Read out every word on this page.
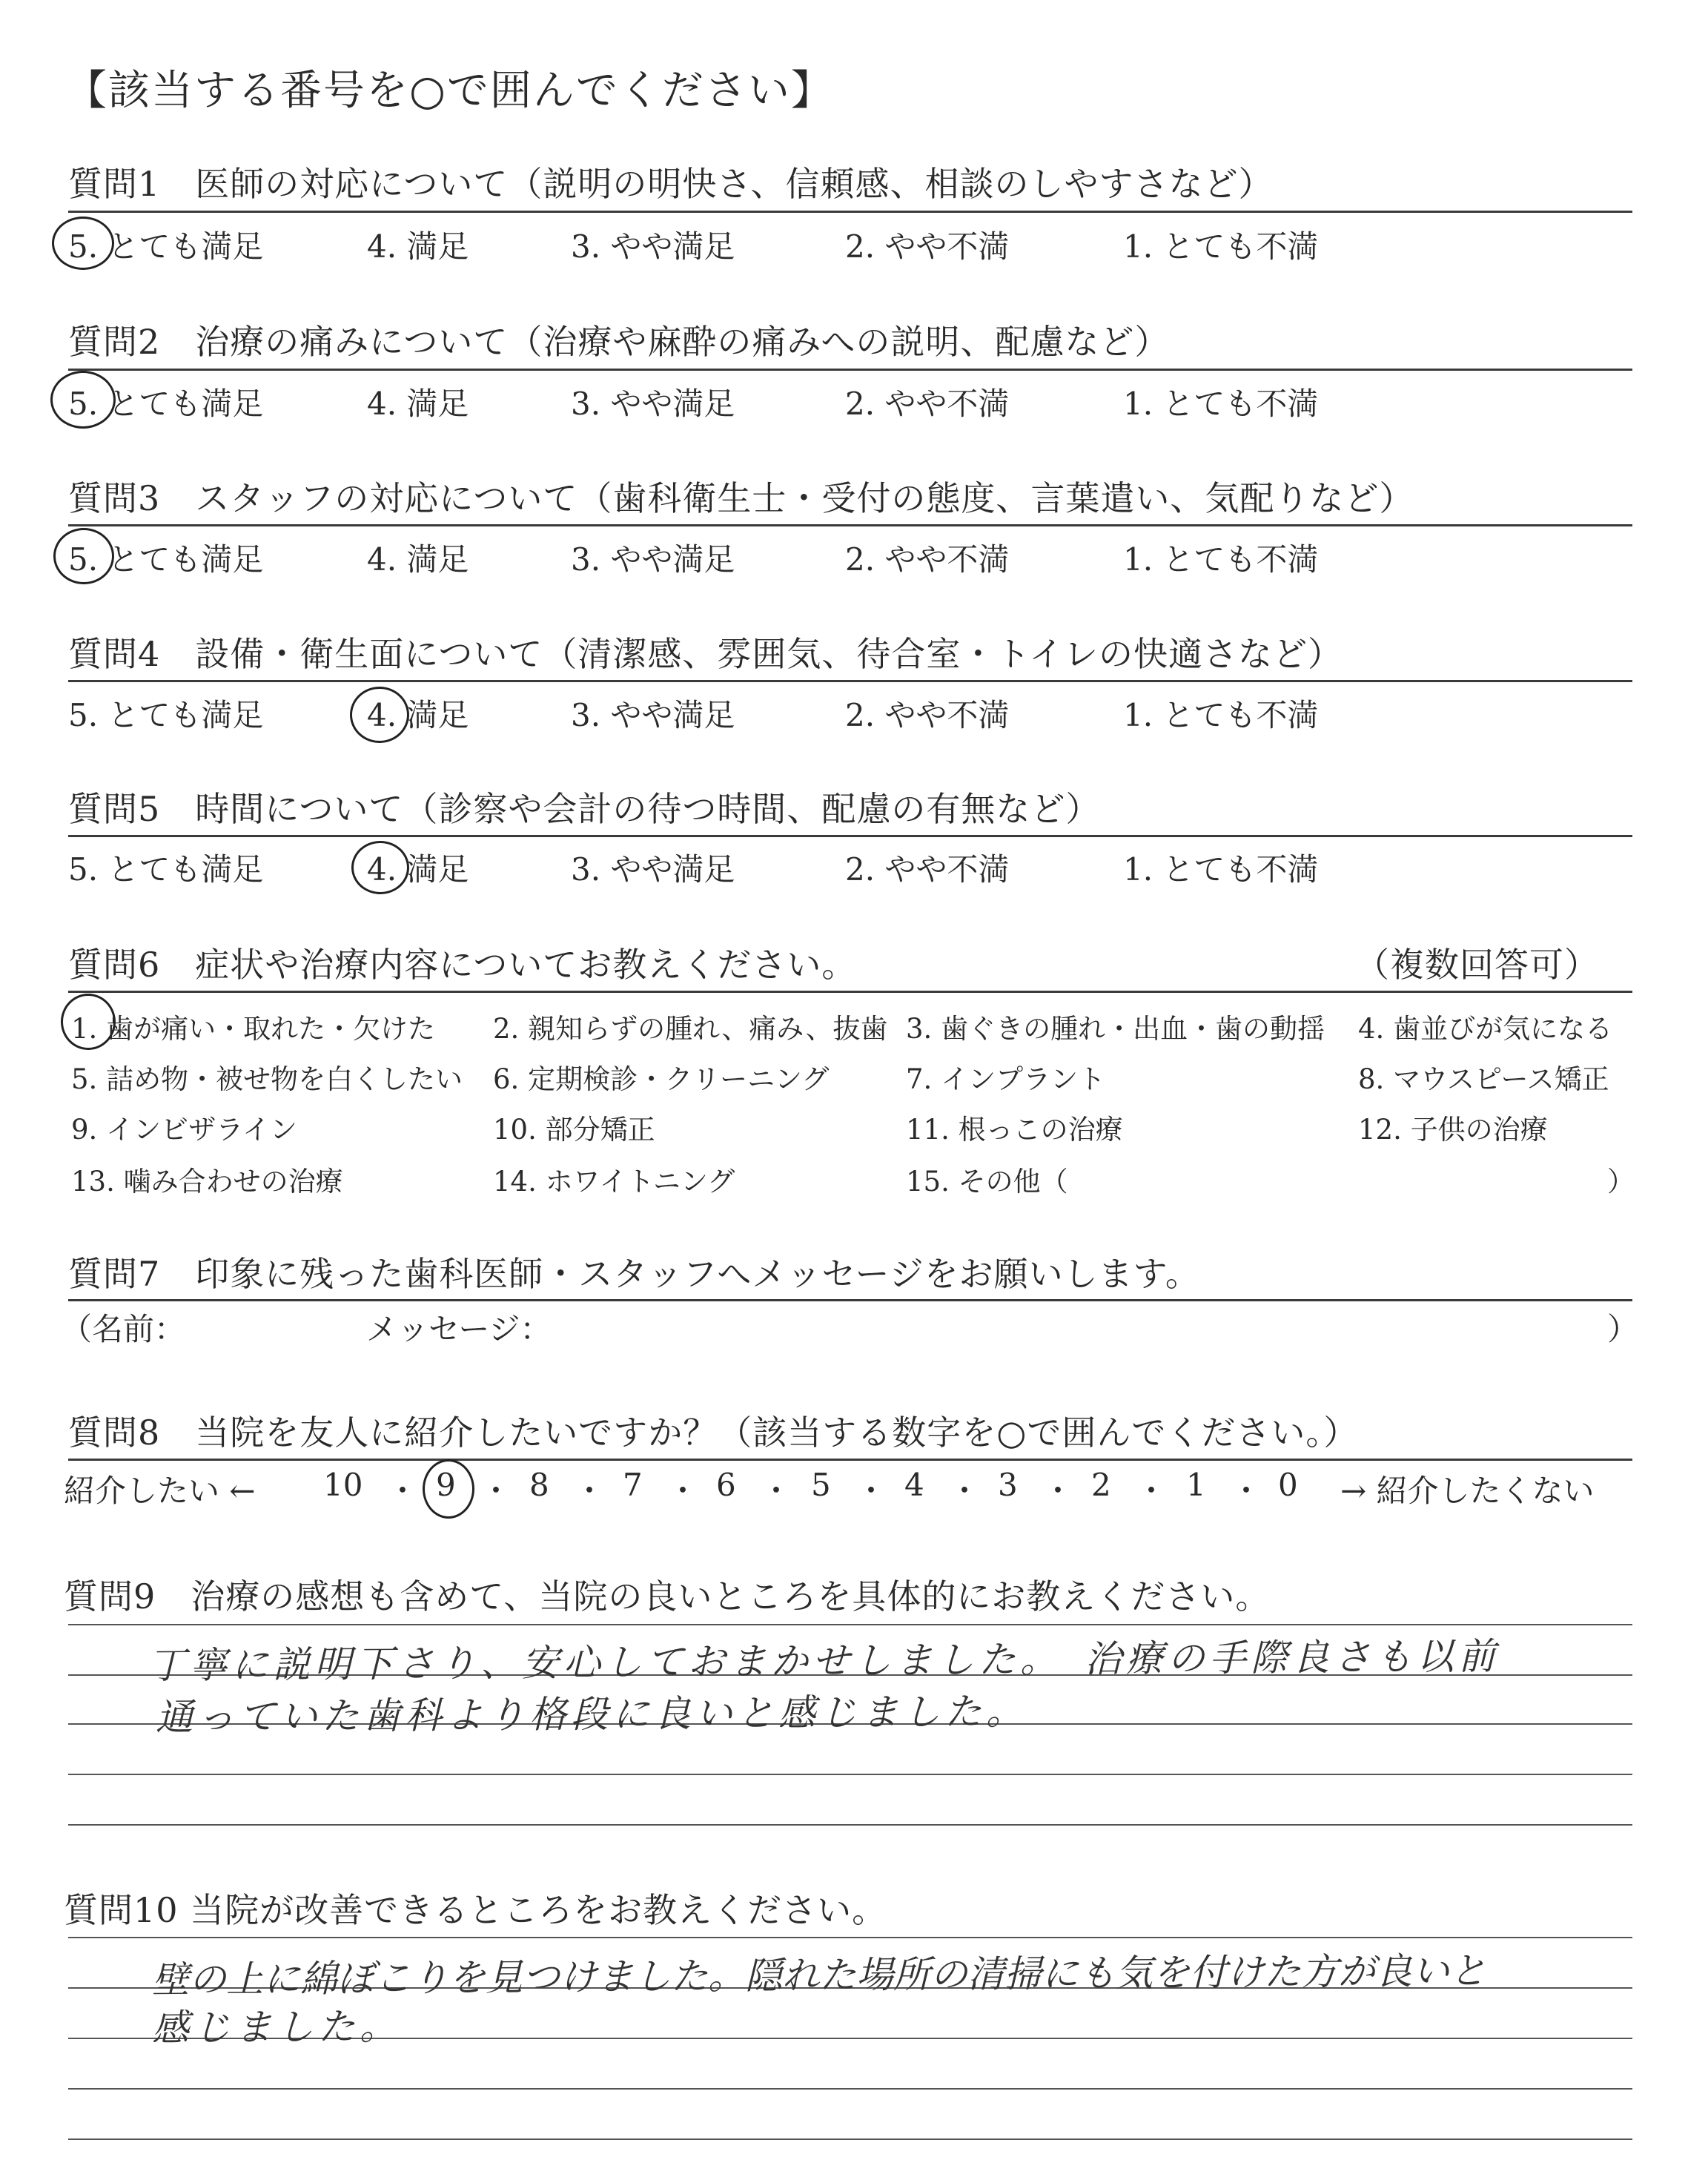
【該当する番号を○で囲んでください】
質問1　医師の対応について（説明の明快さ、信頼感、相談のしやすさなど）
5. とても満足	4. 満足	3. やや満足	2. やや不満	1. とても不満
質問2　治療の痛みについて（治療や麻酔の痛みへの説明、配慮など）
5. とても満足	4. 満足	3. やや満足	2. やや不満	1. とても不満
質問3　スタッフの対応について（歯科衛生士・受付の態度、言葉遣い、気配りなど）
5. とても満足	4. 満足	3. やや満足	2. やや不満	1. とても不満
質問4　設備・衛生面について（清潔感、雰囲気、待合室・トイレの快適さなど）
5. とても満足	4. 満足	3. やや満足	2. やや不満	1. とても不満
質問5　時間について（診察や会計の待つ時間、配慮の有無など）
5. とても満足	4. 満足	3. やや満足	2. やや不満	1. とても不満
質問6　症状や治療内容についてお教えください。	（複数回答可）
1. 歯が痛い・取れた・欠けた 2. 親知らずの腫れ、痛み、抜歯 3. 歯ぐきの腫れ・出血・歯の動揺 4. 歯並びが気になる
5. 詰め物・被せ物を白くしたい 6. 定期検診・クリーニング	7. インプラント	8. マウスピース矯正
9. インビザライン	10. 部分矯正	11. 根っこの治療	12. 子供の治療
13. 噛み合わせの治療	14. ホワイトニング	15. その他（	）
質問7　印象に残った歯科医師・スタッフへメッセージをお願いします。
（名前：	メッセージ：	）
質問8　当院を友人に紹介したいですか？（該当する数字を○で囲んでください。）
紹介したい ← 10 ・ 9 ・ 8 ・ 7 ・ 6 ・ 5 ・ 4 ・ 3 ・ 2 ・ 1 ・ 0 → 紹介したくない
質問9　治療の感想も含めて、当院の良いところを具体的にお教えください。
丁寧に説明下さり、安心しておまかせしました。　治療の手際良さも以前
通っていた歯科より格段に良いと感じました。
質問10 当院が改善できるところをお教えください。
壁の上に綿ぼこりを見つけました。隠れた場所の清掃にも気を付けた方が良いと
感じました。
